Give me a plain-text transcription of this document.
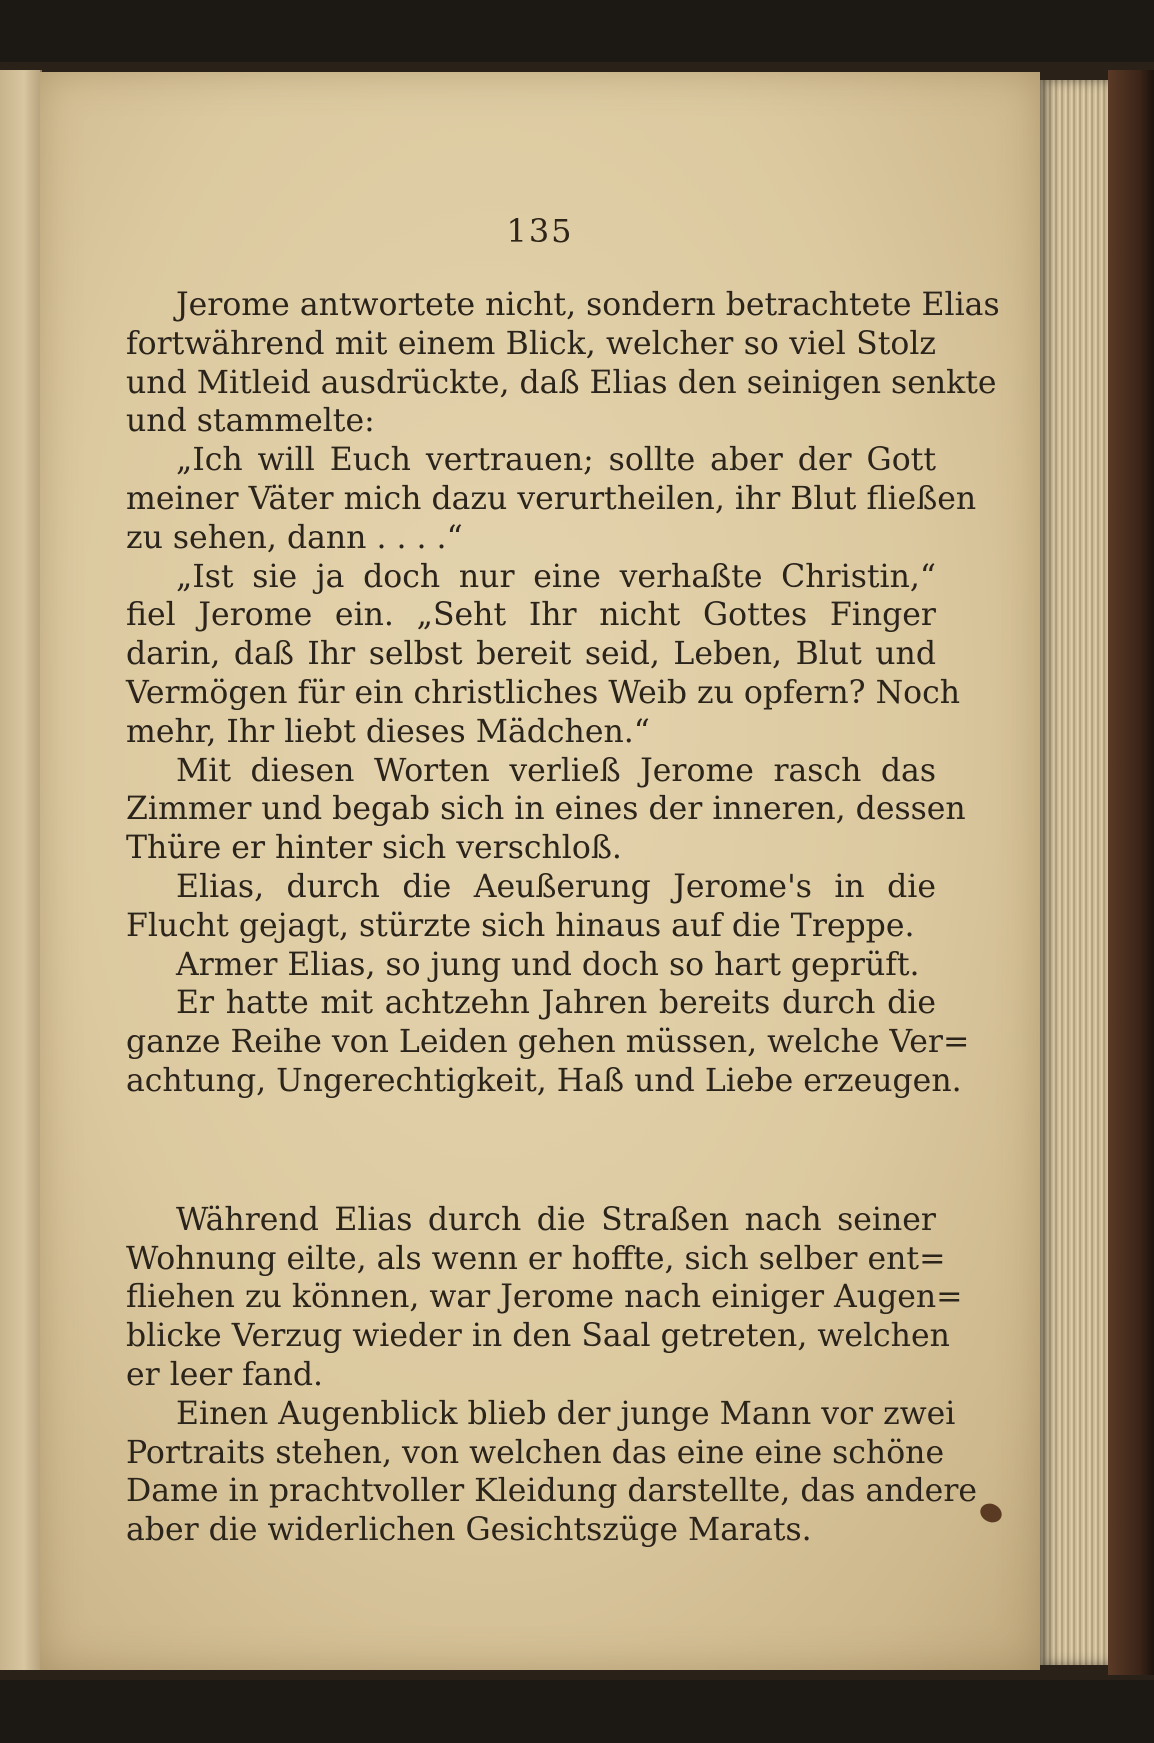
135
Jerome antwortete nicht, sondern betrachtete Elias
fortwährend mit einem Blick, welcher so viel Stolz
und Mitleid ausdrückte, daß Elias den seinigen senkte
und stammelte:
„Ich will Euch vertrauen; sollte aber der Gott
meiner Väter mich dazu verurtheilen, ihr Blut fließen
zu sehen, dann . . . .“
„Ist sie ja doch nur eine verhaßte Christin,“
fiel Jerome ein. „Seht Ihr nicht Gottes Finger
darin, daß Ihr selbst bereit seid, Leben, Blut und
Vermögen für ein christliches Weib zu opfern? Noch
mehr, Ihr liebt dieses Mädchen.“
Mit diesen Worten verließ Jerome rasch das
Zimmer und begab sich in eines der inneren, dessen
Thüre er hinter sich verschloß.
Elias, durch die Aeußerung Jerome's in die
Flucht gejagt, stürzte sich hinaus auf die Treppe.
Armer Elias, so jung und doch so hart geprüft.
Er hatte mit achtzehn Jahren bereits durch die
ganze Reihe von Leiden gehen müssen, welche Ver=
achtung, Ungerechtigkeit, Haß und Liebe erzeugen.
Während Elias durch die Straßen nach seiner
Wohnung eilte, als wenn er hoffte, sich selber ent=
fliehen zu können, war Jerome nach einiger Augen=
blicke Verzug wieder in den Saal getreten, welchen
er leer fand.
Einen Augenblick blieb der junge Mann vor zwei
Portraits stehen, von welchen das eine eine schöne
Dame in prachtvoller Kleidung darstellte, das andere
aber die widerlichen Gesichtszüge Marats.
